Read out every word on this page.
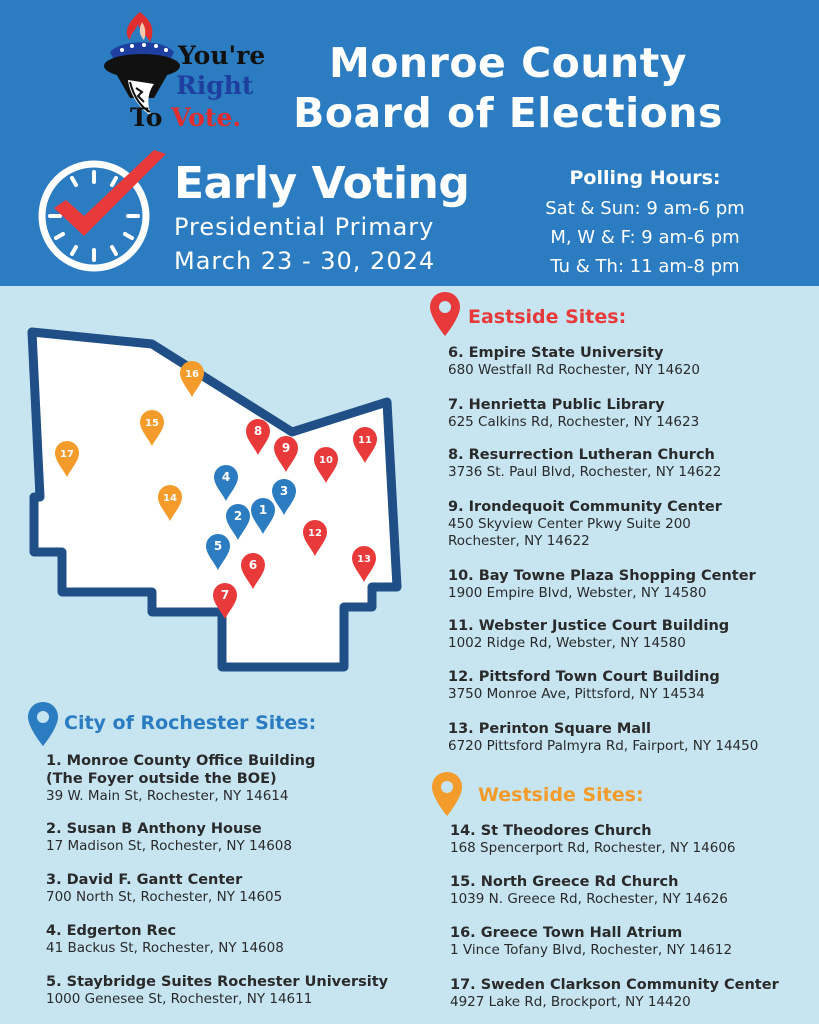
You're
Right
To Vote.
Monroe County
Board of Elections
Early Voting
Presidential Primary
March 23 - 30, 2024
Polling Hours:
Sat & Sun: 9 am-6 pm
M, W & F: 9 am-6 pm
Tu & Th: 11 am-8 pm
1
2
3
4
5
6
7
8
9
10
11
12
13
14
15
16
17
Eastside Sites:
6. Empire State University
680 Westfall Rd Rochester, NY 14620
7. Henrietta Public Library
625 Calkins Rd, Rochester, NY 14623
8. Resurrection Lutheran Church
3736 St. Paul Blvd, Rochester, NY 14622
9. Irondequoit Community Center
450 Skyview Center Pkwy Suite 200
Rochester, NY 14622
10. Bay Towne Plaza Shopping Center
1900 Empire Blvd, Webster, NY 14580
11. Webster Justice Court Building
1002 Ridge Rd, Webster, NY 14580
12. Pittsford Town Court Building
3750 Monroe Ave, Pittsford, NY 14534
13. Perinton Square Mall
6720 Pittsford Palmyra Rd, Fairport, NY 14450
Westside Sites:
14. St Theodores Church
168 Spencerport Rd, Rochester, NY 14606
15. North Greece Rd Church
1039 N. Greece Rd, Rochester, NY 14626
16. Greece Town Hall Atrium
1 Vince Tofany Blvd, Rochester, NY 14612
17. Sweden Clarkson Community Center
4927 Lake Rd, Brockport, NY 14420
City of Rochester Sites:
1. Monroe County Office Building
(The Foyer outside the BOE)
39 W. Main St, Rochester, NY 14614
2. Susan B Anthony House
17 Madison St, Rochester, NY 14608
3. David F. Gantt Center
700 North St, Rochester, NY 14605
4. Edgerton Rec
41 Backus St, Rochester, NY 14608
5. Staybridge Suites Rochester University
1000 Genesee St, Rochester, NY 14611
